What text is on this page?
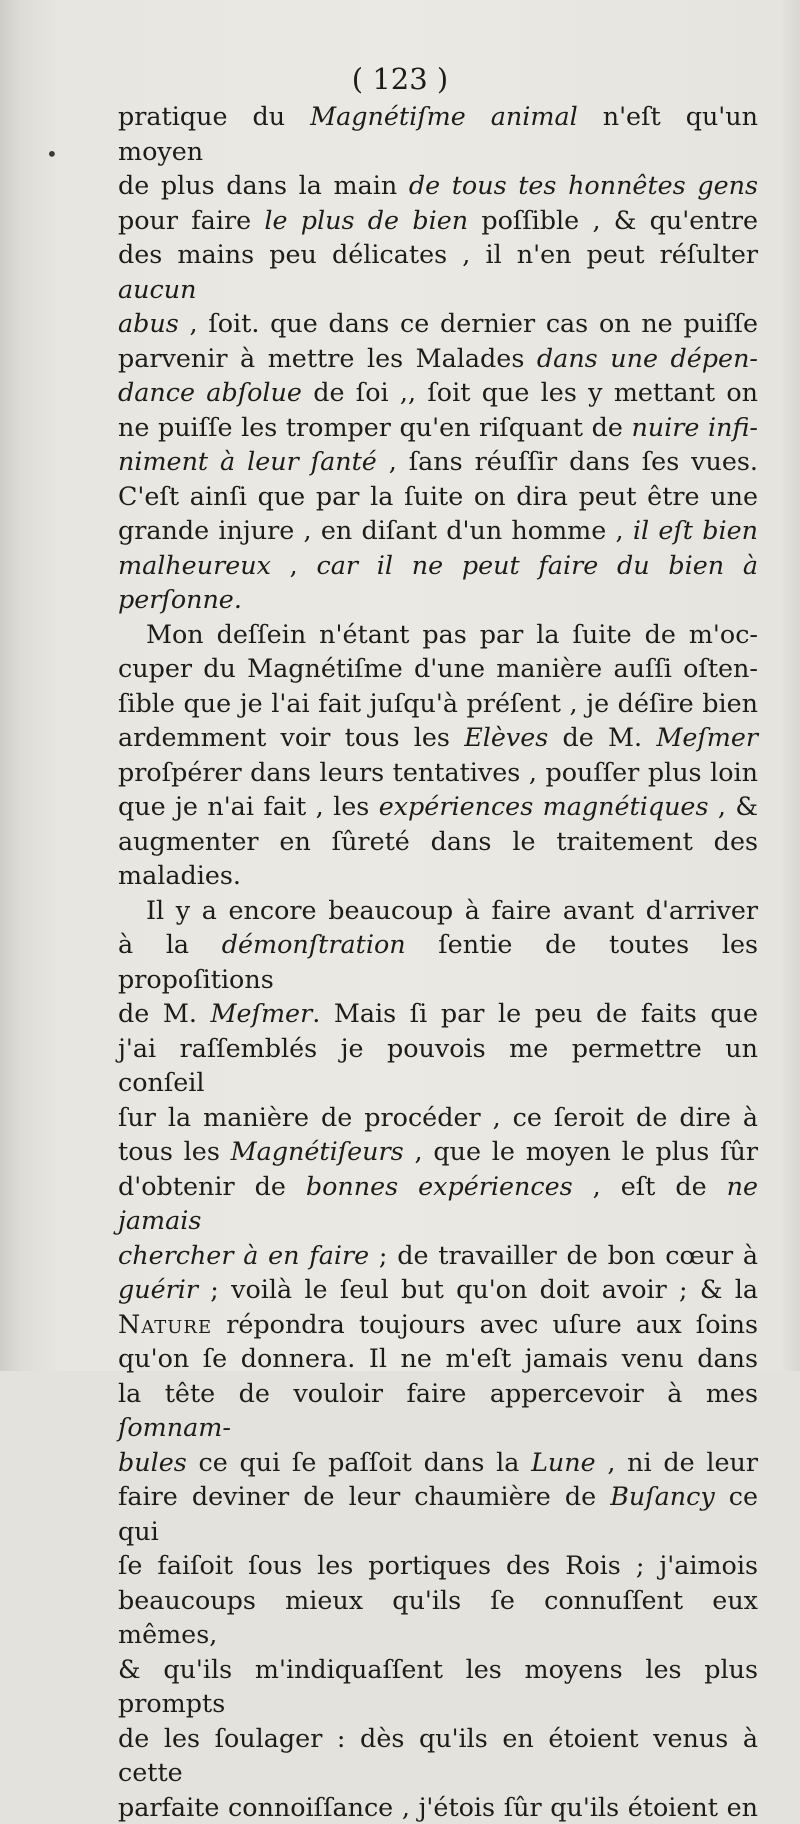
( 123 )
•

pratique du Magnétiſme animal n'eſt qu'un moyen

de plus dans la main de tous tes honnêtes gens

pour faire le plus de bien poſſible , & qu'entre

des mains peu délicates , il n'en peut réſulter aucun

abus , ſoit. que dans ce dernier cas on ne puiſſe

parvenir à mettre les Malades dans une dépen-

dance abſolue de ſoi ,, ſoit que les y mettant on

ne puiſſe les tromper qu'en riſquant de nuire infi-

niment à leur ſanté , ſans réuſſir dans ſes vues.

C'eſt ainſi que par la ſuite on dira peut être une

grande injure , en diſant d'un homme , il eſt bien

malheureux , car il ne peut faire du bien à perſonne.

Mon deſſein n'étant pas par la ſuite de m'oc-

cuper du Magnétiſme d'une manière auſſi oſten-

ſible que je l'ai fait juſqu'à préſent , je déſire bien

ardemment voir tous les Elèves de M. Meſmer

proſpérer dans leurs tentatives , pouſſer plus loin

que je n'ai fait , les expériences magnétiques , &

augmenter en ſûreté dans le traitement des maladies.

Il y a encore beaucoup à faire avant d'arriver

à la démonſtration ſentie de toutes les propoſitions

de M. Meſmer. Mais ſi par le peu de faits que

j'ai raſſemblés je pouvois me permettre un conſeil

ſur la manière de procéder , ce ſeroit de dire à

tous les Magnétiſeurs , que le moyen le plus ſûr

d'obtenir de bonnes expériences , eſt de ne jamais

chercher à en faire ; de travailler de bon cœur à

guérir ; voilà le ſeul but qu'on doit avoir ; & la

Nature répondra toujours avec uſure aux ſoins

qu'on ſe donnera. Il ne m'eſt jamais venu dans

la tête de vouloir faire appercevoir à mes ſomnam-

bules ce qui ſe paſſoit dans la Lune , ni de leur

faire deviner de leur chaumière de Buſancy ce qui

ſe faiſoit ſous les portiques des Rois ; j'aimois

beaucoups mieux qu'ils ſe connuſſent eux mêmes,

& qu'ils m'indiquaſſent les moyens les plus prompts

de les ſoulager : dès qu'ils en étoient venus à cette

parfaite connoiſſance , j'étois ſûr qu'ils étoient en
